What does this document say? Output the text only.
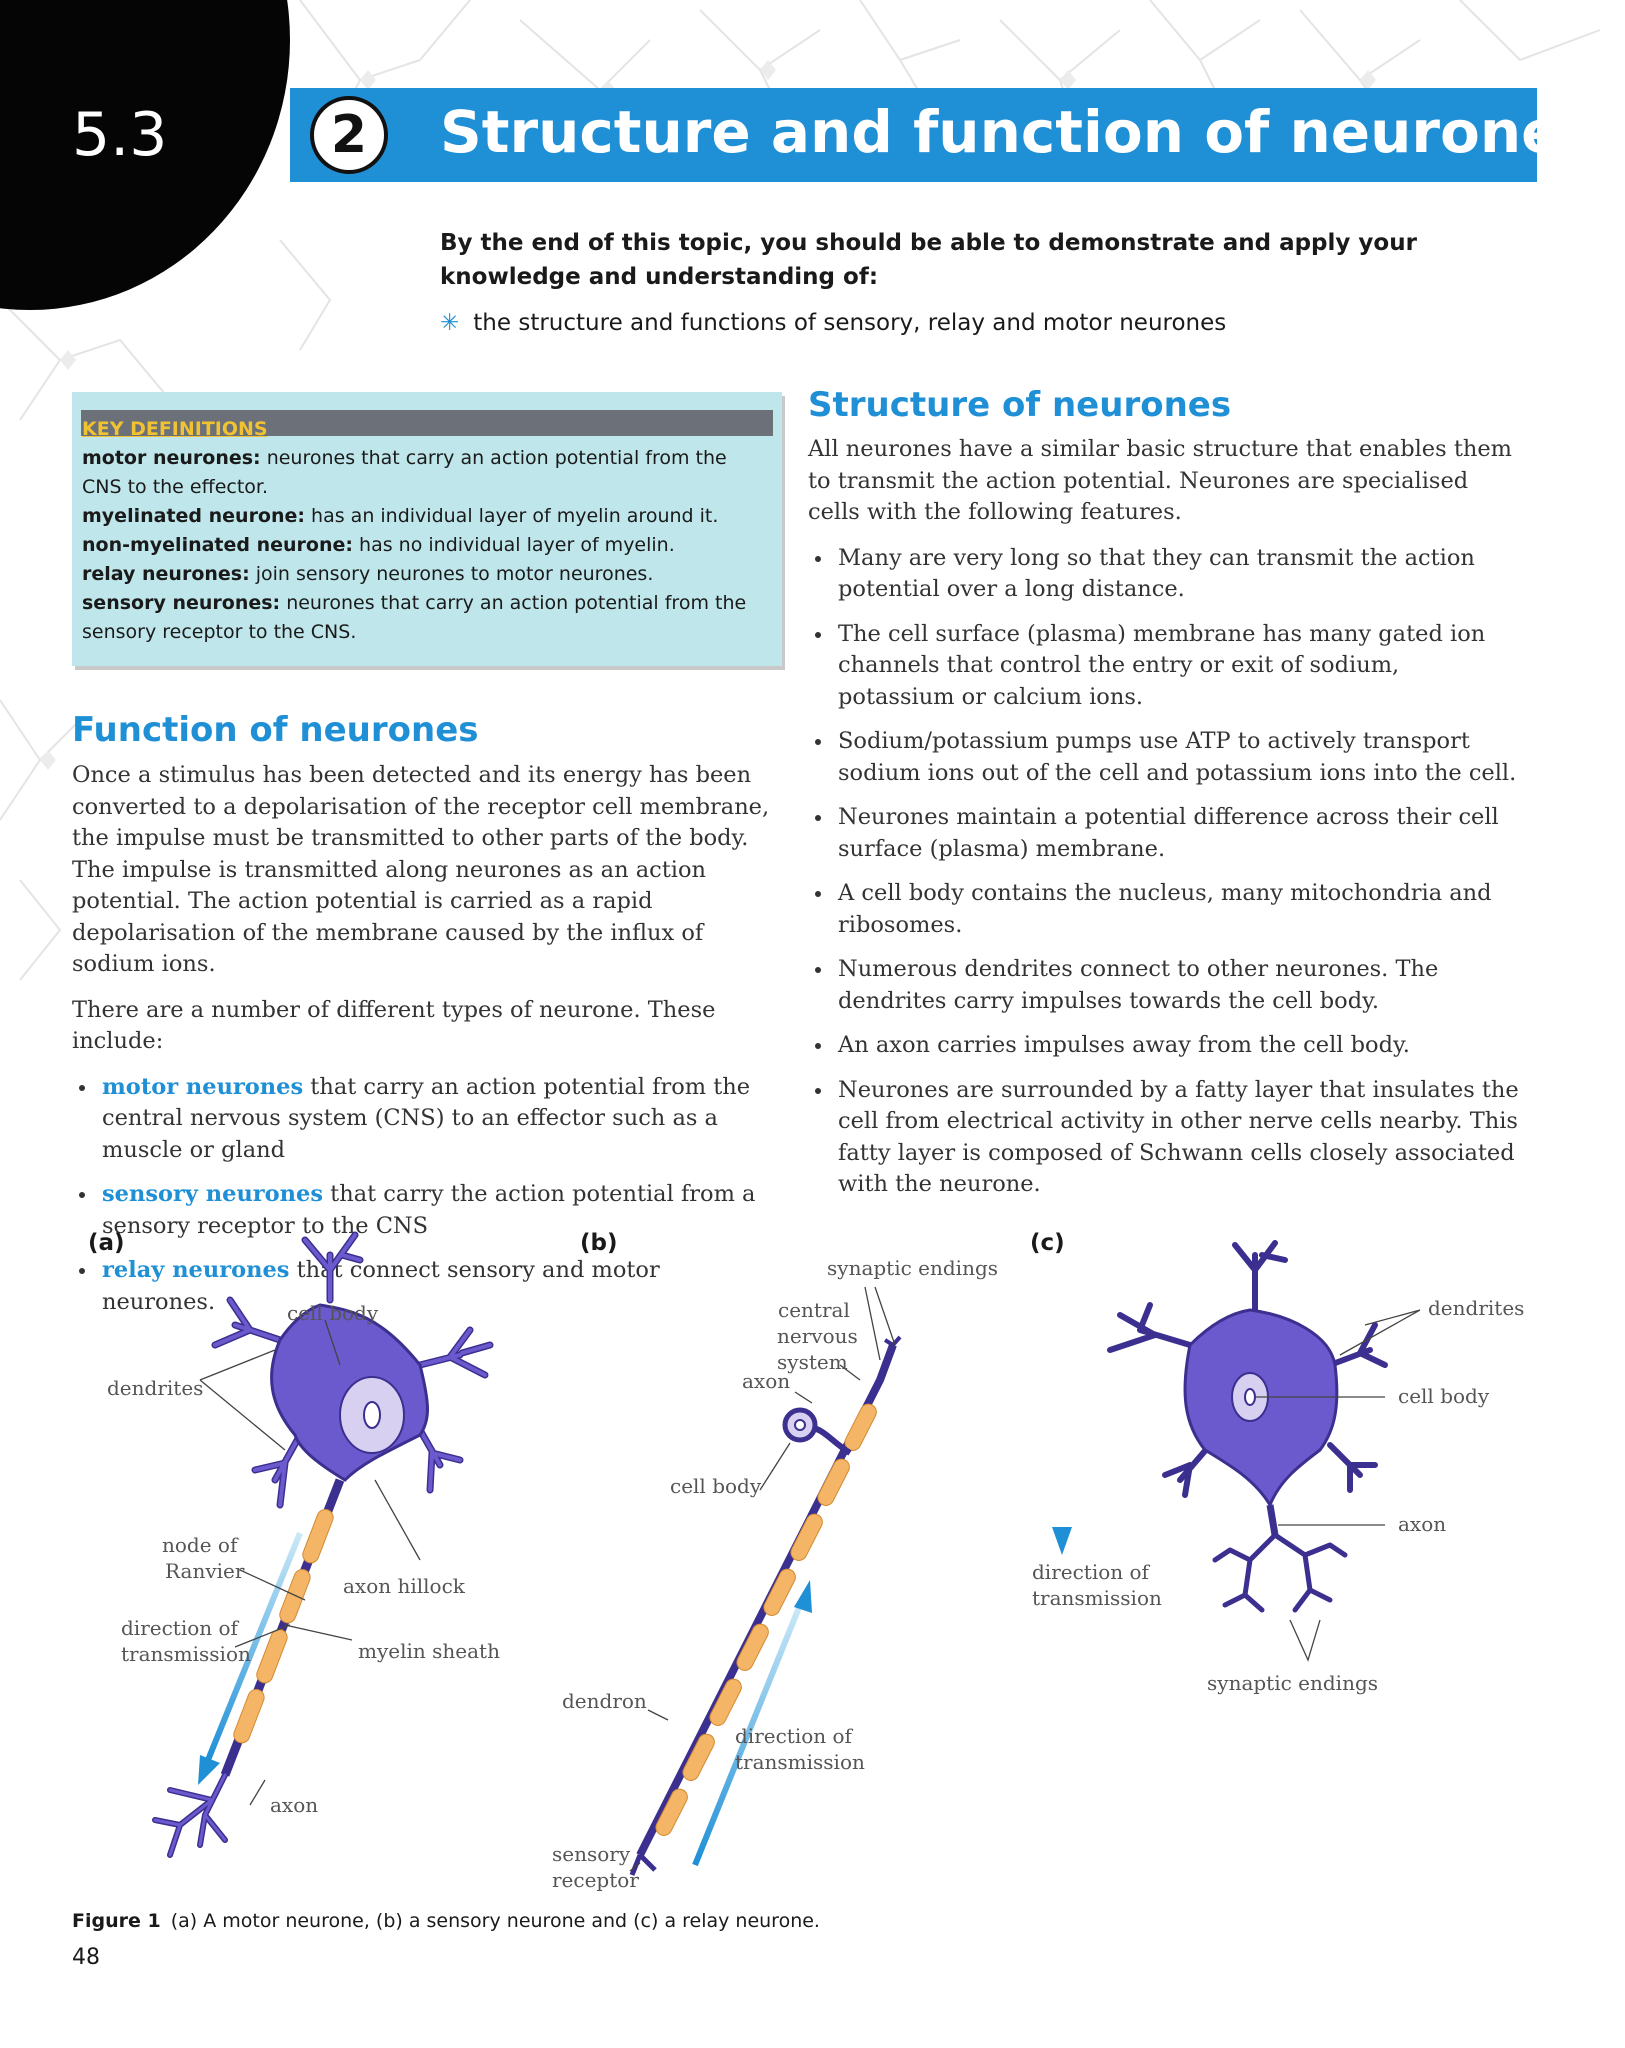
5.3	2	Structure and function of neurones
By the end of this topic, you should be able to demonstrate and apply your knowledge and understanding of:
✳ the structure and functions of sensory, relay and motor neurones
KEY DEFINITIONS
motor neurones: neurones that carry an action potential from the CNS to the effector.
myelinated neurone: has an individual layer of myelin around it.
non-myelinated neurone: has no individual layer of myelin.
relay neurones: join sensory neurones to motor neurones.
sensory neurones: neurones that carry an action potential from the sensory receptor to the CNS.
Function of neurones

Once a stimulus has been detected and its energy has been converted to a depolarisation of the receptor cell membrane, the impulse must be transmitted to other parts of the body. The impulse is transmitted along neurones as an action potential. The action potential is carried as a rapid depolarisation of the membrane caused by the influx of sodium ions.

There are a number of different types of neurone. These include:

motor neurones that carry an action potential from the central nervous system (CNS) to an effector such as a muscle or gland
sensory neurones that carry the action potential from a sensory receptor to the CNS
relay neurones that connect sensory and motor neurones.
Structure of neurones

All neurones have a similar basic structure that enables them to transmit the action potential. Neurones are specialised cells with the following features.

Many are very long so that they can transmit the action potential over a long distance.
The cell surface (plasma) membrane has many gated ion channels that control the entry or exit of sodium, potassium or calcium ions.
Sodium/potassium pumps use ATP to actively transport sodium ions out of the cell and potassium ions into the cell.
Neurones maintain a potential difference across their cell surface (plasma) membrane.
A cell body contains the nucleus, many mitochondria and ribosomes.
Numerous dendrites connect to other neurones. The dendrites carry impulses towards the cell body.
An axon carries impulses away from the cell body.
Neurones are surrounded by a fatty layer that insulates the cell from electrical activity in other nerve cells nearby. This fatty layer is composed of Schwann cells closely associated with the neurone.
(a)
cell body
dendrites
node of
Ranvier
axon hillock
direction of
transmission	myelin sheath
axon
(b)
synaptic endings
central
nervous
system
axon
cell body
dendron
direction of
transmission
sensory
receptor
(c)
dendrites
cell body
axon
direction of
transmission
synaptic endings
Figure 1 (a) A motor neurone, (b) a sensory neurone and (c) a relay neurone.
48
